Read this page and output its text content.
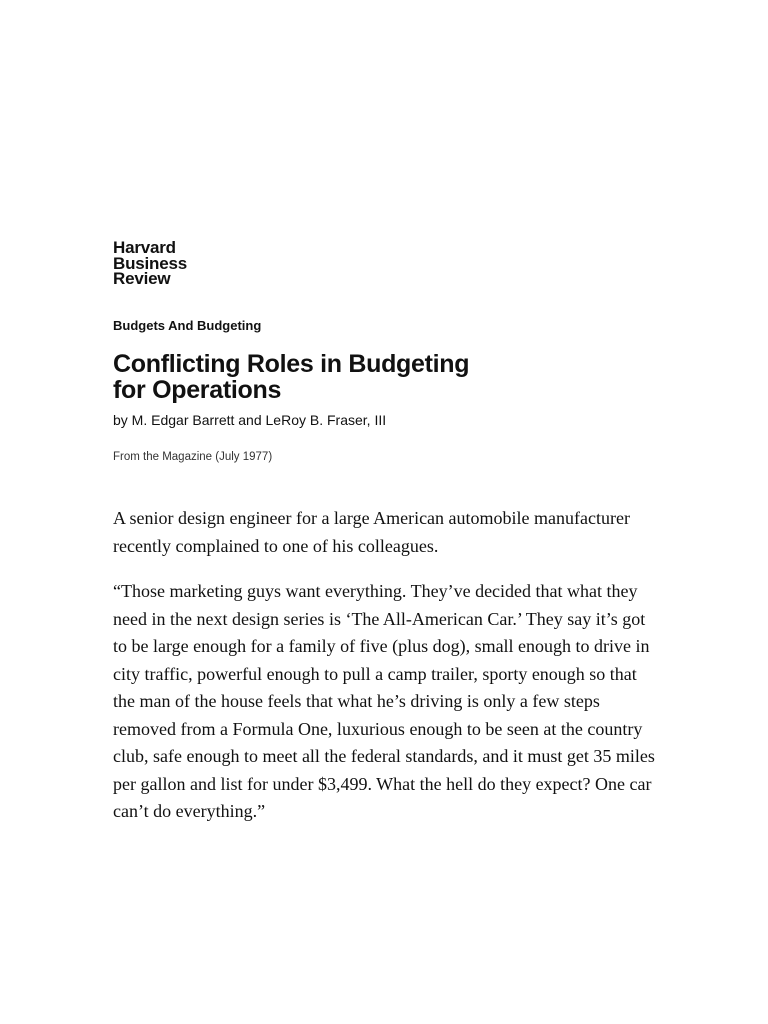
Harvard
Business
Review
Budgets And Budgeting
Conflicting Roles in Budgeting
for Operations
by M. Edgar Barrett and LeRoy B. Fraser, III
From the Magazine (July 1977)

A senior design engineer for a large American automobile manufacturer recently complained to one of his colleagues.

“Those marketing guys want everything. They’ve decided that what they need in the next design series is ‘The All-American Car.’ They say it’s got to be large enough for a family of five (plus dog), small enough to drive in city traffic, powerful enough to pull a camp trailer, sporty enough so that the man of the house feels that what he’s driving is only a few steps removed from a Formula One, luxurious enough to be seen at the country club, safe enough to meet all the federal standards, and it must get 35 miles per gallon and list for under $3,499. What the hell do they expect? One car can’t do everything.”
